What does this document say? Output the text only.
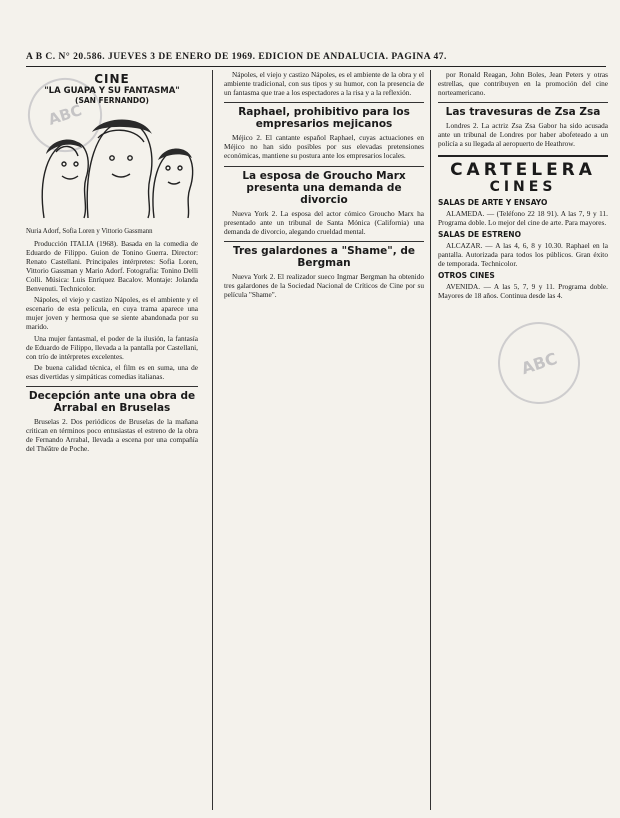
A B C. N° 20.586. JUEVES 3 DE ENERO DE 1969. EDICION DE ANDALUCIA. PAGINA 47.
ABC
ABC
CINE
"LA GUAPA Y SU FANTASMA"
(SAN FERNANDO)

Nuria Adorf, Sofia Loren y Vittorio Gassmann

Producción ITALIA (1968). Basada en la comedia de Eduardo de Filippo. Guion de Tonino Guerra. Director: Renato Castellani. Principales intérpretes: Sofia Loren, Vittorio Gassman y Mario Adorf. Fotografía: Tonino Delli Colli. Música: Luis Enríquez Bacalov. Montaje: Jolanda Benvenuti. Technicolor.

Nápoles, el viejo y castizo Nápoles, es el ambiente y el escenario de esta película, en cuya trama aparece una mujer joven y hermosa que se siente abandonada por su marido.

Una mujer fantasmal, el poder de la ilusión, la fantasía de Eduardo de Filippo, llevada a la pantalla por Castellani, con trío de intérpretes excelentes.

De buena calidad técnica, el film es en suma, una de esas divertidas y simpáticas comedias italianas.

Decepción ante una obra de Arrabal en Bruselas

Bruselas 2. Dos periódicos de Bruselas de la mañana critican en términos poco entusiastas el estreno de la obra de Fernando Arrabal, llevada a escena por una compañía del Théâtre de Poche.

Nápoles, el viejo y castizo Nápoles, es el ambiente de la obra y el ambiente tradicional, con sus tipos y su humor, con la presencia de un fantasma que trae a los espectadores a la risa y a la reflexión.

Raphael, prohibitivo para los empresarios mejicanos

Méjico 2. El cantante español Raphael, cuyas actuaciones en Méjico no han sido posibles por sus elevadas pretensiones económicas, mantiene su postura ante los empresarios locales.

La esposa de Groucho Marx presenta una demanda de divorcio

Nueva York 2. La esposa del actor cómico Groucho Marx ha presentado ante un tribunal de Santa Mónica (California) una demanda de divorcio, alegando crueldad mental.

Tres galardones a "Shame", de Bergman

Nueva York 2. El realizador sueco Ingmar Bergman ha obtenido tres galardones de la Sociedad Nacional de Críticos de Cine por su película "Shame".

por Ronald Reagan, John Boles, Jean Peters y otras estrellas, que contribuyen en la promoción del cine norteamericano.

Las travesuras de Zsa Zsa

Londres 2. La actriz Zsa Zsa Gabor ha sido acusada ante un tribunal de Londres por haber abofeteado a un policía a su llegada al aeropuerto de Heathrow.

CARTELERA
CINES
SALAS DE ARTE Y ENSAYO

ALAMEDA. — (Teléfono 22 18 91). A las 7, 9 y 11. Programa doble. Lo mejor del cine de arte. Para mayores.

SALAS DE ESTRENO

ALCAZAR. — A las 4, 6, 8 y 10.30. Raphael en la pantalla. Autorizada para todos los públicos. Gran éxito de temporada. Technicolor.

OTROS CINES

AVENIDA. — A las 5, 7, 9 y 11. Programa doble. Mayores de 18 años. Continua desde las 4.
